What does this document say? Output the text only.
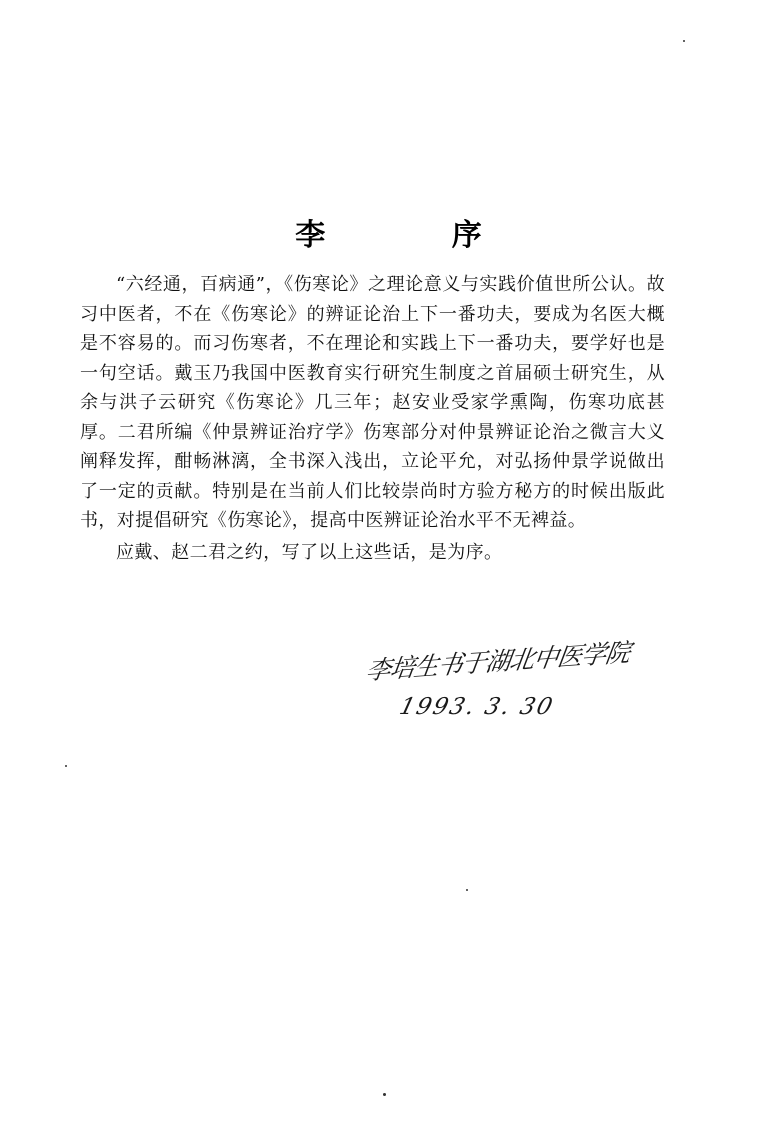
李 序

“六经通，百病通”，《伤寒论》之理论意义与实践价值世所公认。故习中医者，不在《伤寒论》的辨证论治上下一番功夫，要成为名医大概是不容易的。而习伤寒者，不在理论和实践上下一番功夫，要学好也是一句空话。戴玉乃我国中医教育实行研究生制度之首届硕士研究生，从余与洪子云研究《伤寒论》几三年；赵安业受家学熏陶，伤寒功底甚厚。二君所编《仲景辨证治疗学》伤寒部分对仲景辨证论治之微言大义阐释发挥，酣畅淋漓，全书深入浅出，立论平允，对弘扬仲景学说做出了一定的贡献。特别是在当前人们比较崇尚时方验方秘方的时候出版此书，对提倡研究《伤寒论》，提高中医辨证论治水平不无裨益。

应戴、赵二君之约，写了以上这些话，是为序。

李培生书于湖北中医学院
1993. 3. 30
